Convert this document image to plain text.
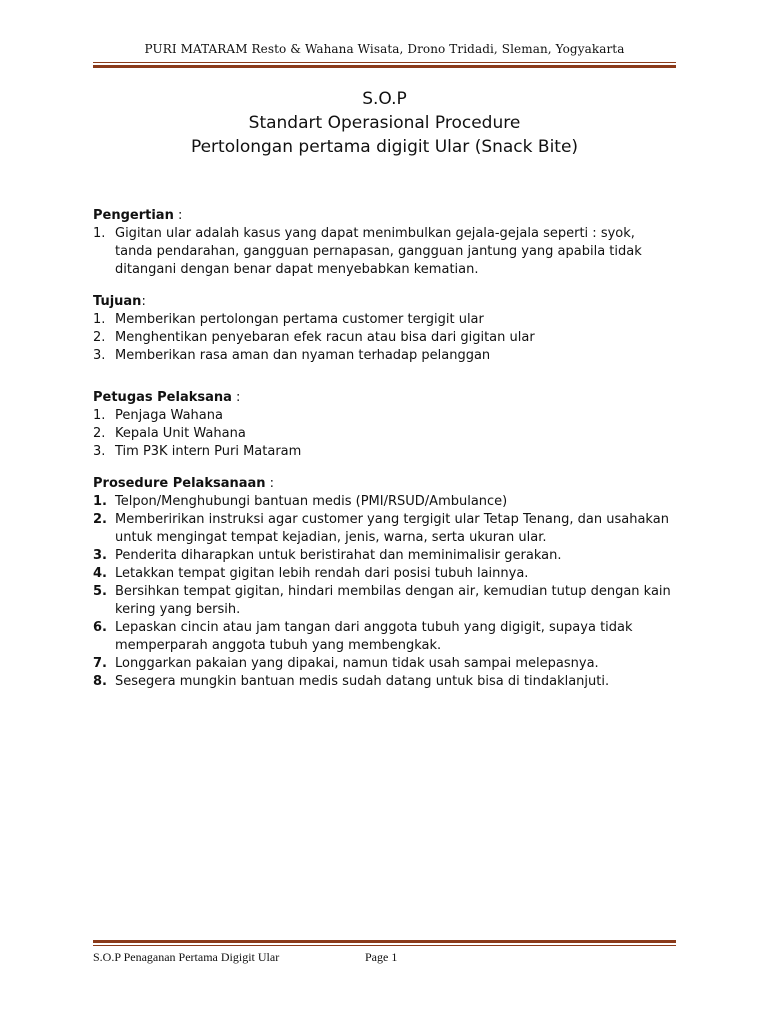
PURI MATARAM Resto & Wahana Wisata, Drono Tridadi, Sleman, Yogyakarta
S.O.P
Standart Operasional Procedure
Pertolongan pertama digigit Ular (Snack Bite)
Pengertian :
1. Gigitan ular adalah kasus yang dapat menimbulkan gejala-gejala seperti : syok, tanda pendarahan, gangguan pernapasan, gangguan jantung yang apabila tidak ditangani dengan benar dapat menyebabkan kematian.
Tujuan:
1. Memberikan pertolongan pertama customer tergigit ular
2. Menghentikan penyebaran efek racun atau bisa dari gigitan ular
3. Memberikan rasa aman dan nyaman terhadap pelanggan
Petugas Pelaksana :
1. Penjaga Wahana
2. Kepala Unit Wahana
3. Tim P3K intern Puri Mataram
Prosedure Pelaksanaan :
1. Telpon/Menghubungi bantuan medis (PMI/RSUD/Ambulance)
2. Memberirikan instruksi agar customer yang tergigit ular Tetap Tenang, dan usahakan untuk mengingat tempat kejadian, jenis, warna, serta ukuran ular.
3. Penderita diharapkan untuk beristirahat dan meminimalisir gerakan.
4. Letakkan tempat gigitan lebih rendah dari posisi tubuh lainnya.
5. Bersihkan tempat gigitan, hindari membilas dengan air, kemudian tutup dengan kain kering yang bersih.
6. Lepaskan cincin atau jam tangan dari anggota tubuh yang digigit, supaya tidak memperparah anggota tubuh yang membengkak.
7. Longgarkan pakaian yang dipakai, namun tidak usah sampai melepasnya.
8. Sesegera mungkin bantuan medis sudah datang untuk bisa di tindaklanjuti.
S.O.P Penaganan Pertama Digigit Ular	Page 1
